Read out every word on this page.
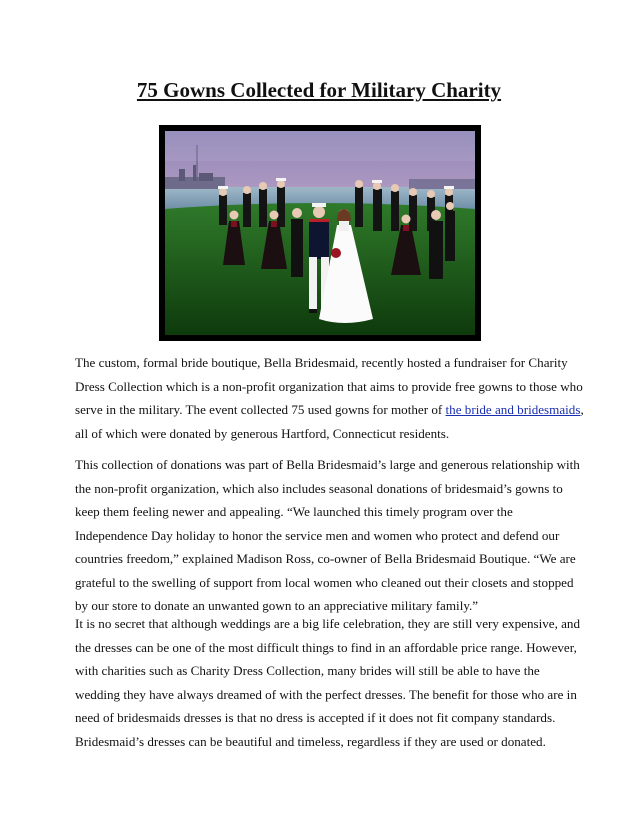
75 Gowns Collected for Military Charity

The custom, formal bride boutique, Bella Bridesmaid, recently hosted a fundraiser for Charity
Dress Collection which is a non-profit organization that aims to provide free gowns to those who
serve in the military. The event collected 75 used gowns for mother of the bride and bridesmaids,
all of which were donated by generous Hartford, Connecticut residents.

This collection of donations was part of Bella Bridesmaid’s large and generous relationship with
the non-profit organization, which also includes seasonal donations of bridesmaid’s gowns to
keep them feeling newer and appealing. “We launched this timely program over the
Independence Day holiday to honor the service men and women who protect and defend our
countries freedom,” explained Madison Ross, co-owner of Bella Bridesmaid Boutique. “We are
grateful to the swelling of support from local women who cleaned out their closets and stopped
by our store to donate an unwanted gown to an appreciative military family.”

It is no secret that although weddings are a big life celebration, they are still very expensive, and
the dresses can be one of the most difficult things to find in an affordable price range. However,
with charities such as Charity Dress Collection, many brides will still be able to have the
wedding they have always dreamed of with the perfect dresses. The benefit for those who are in
need of bridesmaids dresses is that no dress is accepted if it does not fit company standards.
Bridesmaid’s dresses can be beautiful and timeless, regardless if they are used or donated.
